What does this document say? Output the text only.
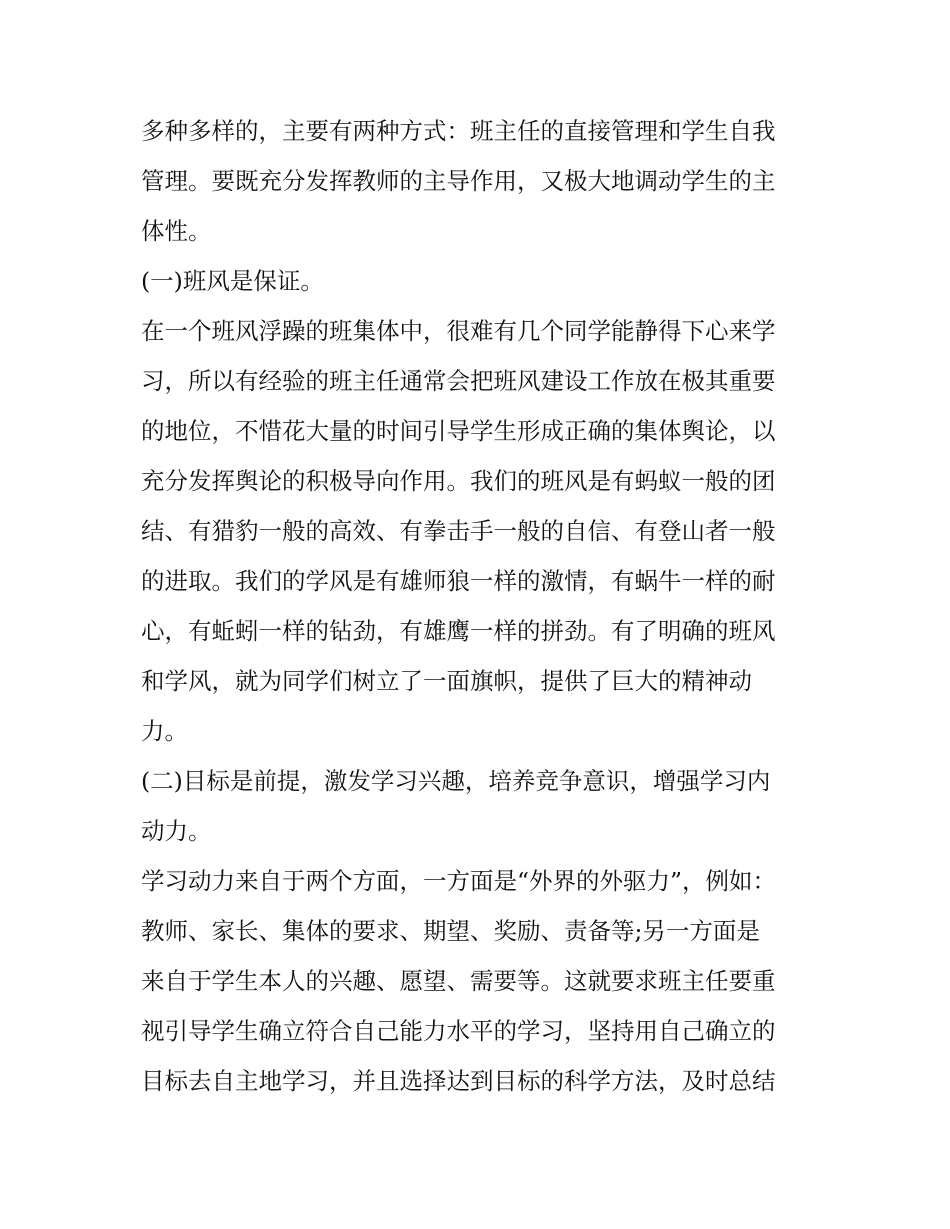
多种多样的，主要有两种方式：班主任的直接管理和学生自我
管理。要既充分发挥教师的主导作用，又极大地调动学生的主
体性。
(一)班风是保证。
在一个班风浮躁的班集体中，很难有几个同学能静得下心来学
习，所以有经验的班主任通常会把班风建设工作放在极其重要
的地位，不惜花大量的时间引导学生形成正确的集体舆论，以
充分发挥舆论的积极导向作用。我们的班风是有蚂蚁一般的团
结、有猎豹一般的高效、有拳击手一般的自信、有登山者一般
的进取。我们的学风是有雄师狼一样的激情，有蜗牛一样的耐
心，有蚯蚓一样的钻劲，有雄鹰一样的拼劲。有了明确的班风
和学风，就为同学们树立了一面旗帜，提供了巨大的精神动
力。
(二)目标是前提，激发学习兴趣，培养竞争意识，增强学习内
动力。
学习动力来自于两个方面，一方面是“外界的外驱力”，例如：
教师、家长、集体的要求、期望、奖励、责备等;另一方面是
来自于学生本人的兴趣、愿望、需要等。这就要求班主任要重
视引导学生确立符合自己能力水平的学习，坚持用自己确立的
目标去自主地学习，并且选择达到目标的科学方法，及时总结
